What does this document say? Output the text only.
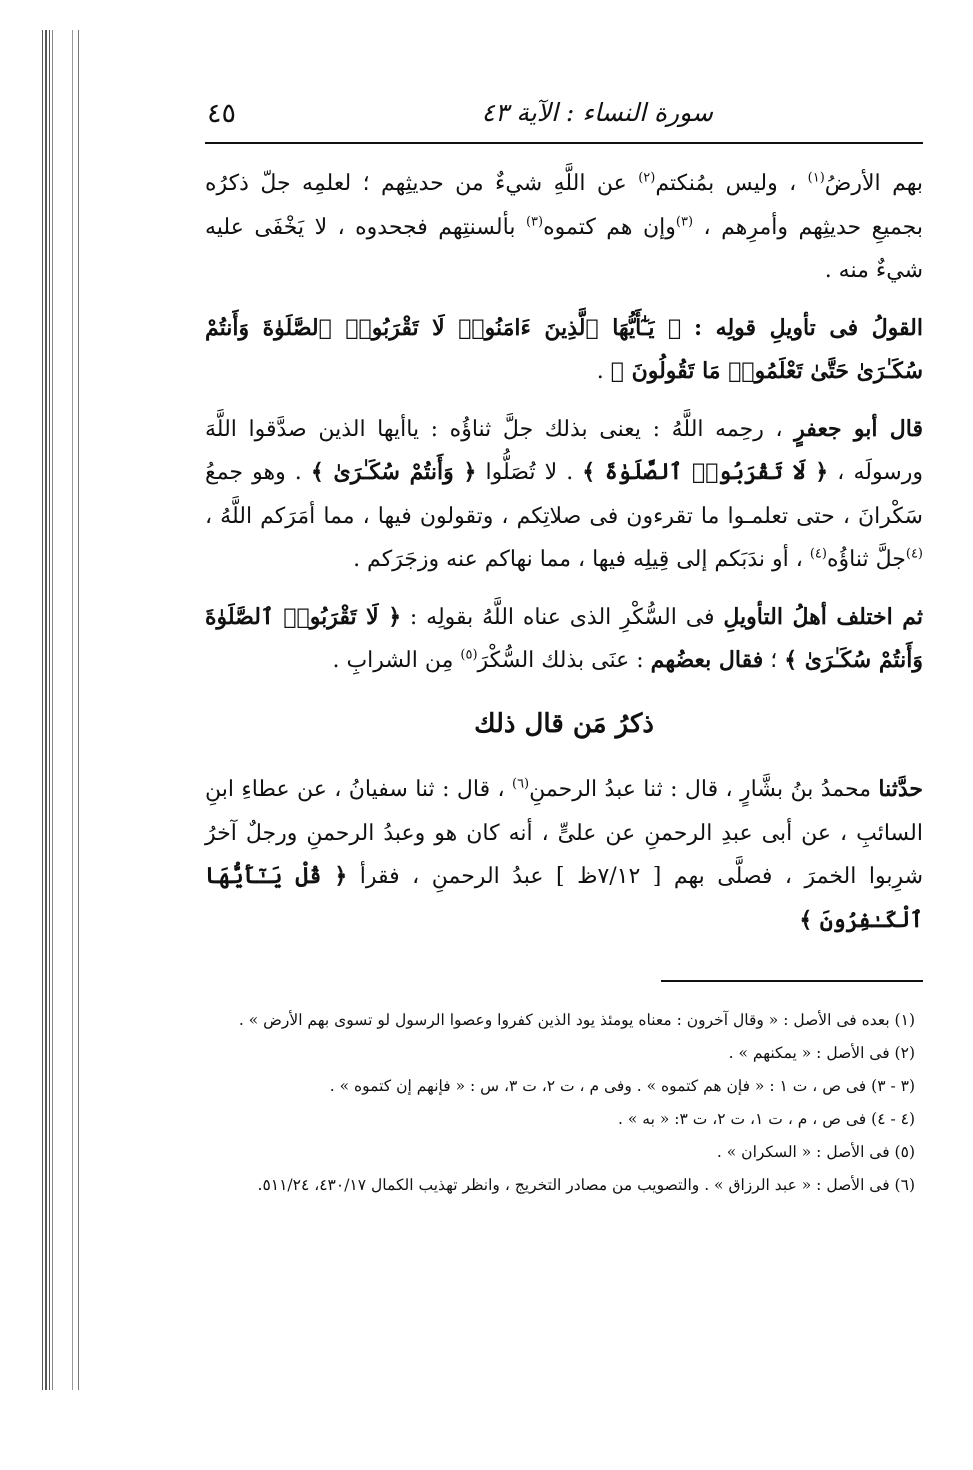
سورة النساء : الآية ٤٣
٤٥

بهم الأرضُ$^{(١)}$ ، وليس بمُنكتم$^{(٢)}$ عن اللَّهِ شيءٌ من حديثِهم ؛ لعلمِه جلّ ذكرُه بجميعِ حديثِهم وأمرِهم ، $^{(٣)}$وإن هم كتموه$^{(٣)}$ بألسنتِهم فجحدوه ، لا يَخْفَى عليه شيءٌ منه .

القولُ فى تأويلِ قولِه : ﴿ يَـٰٓأَيُّهَا ٱلَّذِينَ ءَامَنُوا۟ لَا تَقْرَبُوا۟ ٱلصَّلَوٰةَ وَأَنتُمْ سُكَـٰرَىٰ حَتَّىٰ تَعْلَمُوا۟ مَا تَقُولُونَ ﴾ .

قال أبو جعفرٍ ، رحِمه اللَّهُ : يعنى بذلك جلَّ ثناؤُه : ياأيها الذين صدَّقوا اللَّهَ ورسولَه ، ﴿ لَا تَقْرَبُوا۟ ٱلصَّلَوٰةَ ﴾ . لا تُصَلُّوا ﴿ وَأَنتُمْ سُكَـٰرَىٰ ﴾ . وهو جمعُ سَكْرانَ ، حتى تعلمـوا ما تقرءون فى صلاتِكم ، وتقولون فيها ، مما أمَرَكم اللَّهُ ، $^{(٤)}$جلَّ ثناؤُه$^{(٤)}$ ، أو ندَبَكم إلى قِيلِه فيها ، مما نهاكم عنه وزجَرَكم .

ثم اختلف أهلُ التأويلِ فى السُّكْرِ الذى عناه اللَّهُ بقولِه : ﴿ لَا تَقْرَبُوا۟ ٱلصَّلَوٰةَ وَأَنتُمْ سُكَـٰرَىٰ ﴾ ؛ فقال بعضُهم : عنَى بذلك السُّكْرَ$^{(٥)}$ مِن الشرابِ .

ذكرُ مَن قال ذلك

حدَّثنا محمدُ بنُ بشَّارٍ ، قال : ثنا عبدُ الرحمنِ$^{(٦)}$ ، قال : ثنا سفيانُ ، عن عطاءِ ابنِ السائبِ ، عن أبى عبدِ الرحمنِ عن علىٍّ ، أنه كان هو وعبدُ الرحمنِ ورجلٌ آخرُ شرِبوا الخمرَ ، فصلَّى بهم [ ٧/١٢ظ ] عبدُ الرحمنِ ، فقرأ ﴿ قُلْ يَـٰٓأَيُّهَا ٱلْكَـٰفِرُونَ ﴾

(١) بعده فى الأصل : « وقال آخرون : معناه يومئذ يود الذين كفروا وعصوا الرسول لو تسوى بهم الأرض » .

(٢) فى الأصل : « يمكنهم » .

(٣ - ٣) فى ص ، ت ١ : « فإن هم كتموه » . وفى م ، ت ٢، ت ٣، س : « فإنهم إن كتموه » .

(٤ - ٤) فى ص ، م ، ت ١، ت ٢، ت ٣: « به » .

(٥) فى الأصل : « السكران » .

(٦) فى الأصل : « عبد الرزاق » . والتصويب من مصادر التخريج ، وانظر تهذيب الكمال ٤٣٠/١٧، ٥١١/٢٤.
